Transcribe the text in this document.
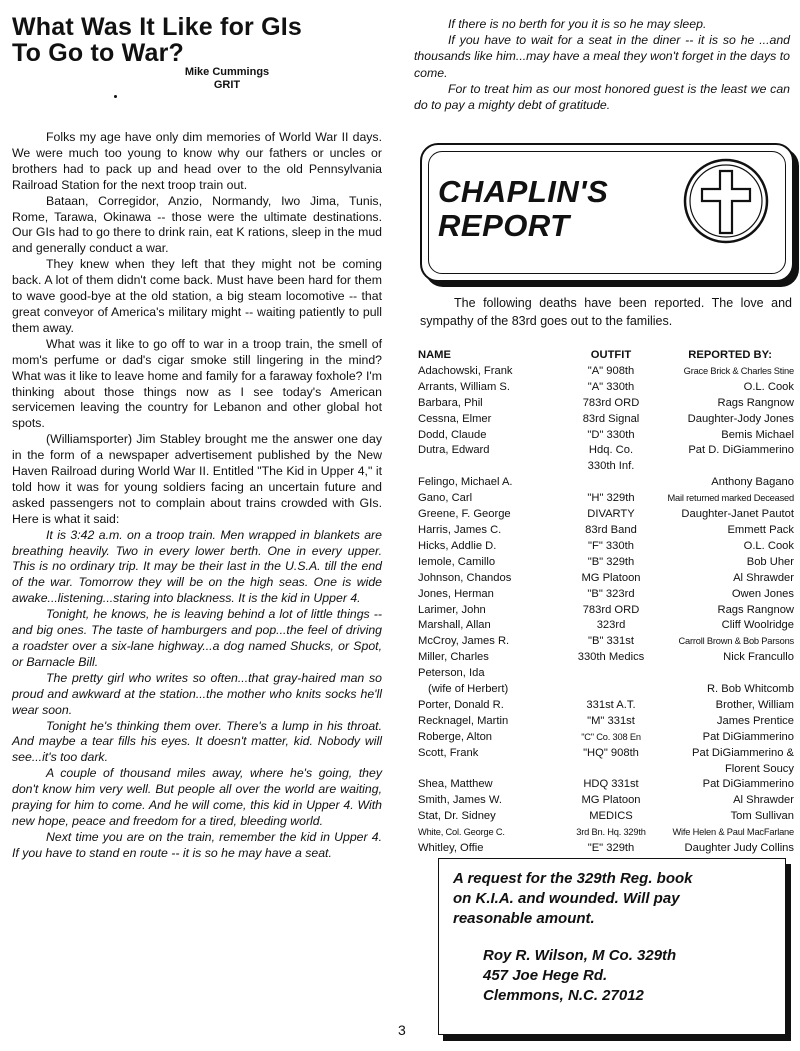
What Was It Like for GIs
To Go to War?
Mike Cummings
GRIT

Folks my age have only dim memories of World War II days. We were much too young to know why our fathers or uncles or brothers had to pack up and head over to the old Pennsylvania Railroad Station for the next troop train out.

Bataan, Corregidor, Anzio, Normandy, Iwo Jima, Tunis, Rome, Tarawa, Okinawa -- those were the ultimate destinations. Our GIs had to go there to drink rain, eat K rations, sleep in the mud and generally conduct a war.

They knew when they left that they might not be coming back. A lot of them didn't come back. Must have been hard for them to wave good-bye at the old station, a big steam locomotive -- that great conveyor of America's military might -- waiting patiently to pull them away.

What was it like to go off to war in a troop train, the smell of mom's perfume or dad's cigar smoke still lingering in the mind? What was it like to leave home and family for a faraway foxhole? I'm thinking about those things now as I see today's American servicemen leaving the country for Lebanon and other global hot spots.

(Williamsporter) Jim Stabley brought me the answer one day in the form of a newspaper advertisement published by the New Haven Railroad during World War II. Entitled "The Kid in Upper 4," it told how it was for young soldiers facing an uncertain future and asked passengers not to complain about trains crowded with GIs. Here is what it said:

It is 3:42 a.m. on a troop train. Men wrapped in blankets are breathing heavily. Two in every lower berth. One in every upper. This is no ordinary trip. It may be their last in the U.S.A. till the end of the war. Tomorrow they will be on the high seas. One is wide awake...listening...staring into blackness. It is the kid in Upper 4.

Tonight, he knows, he is leaving behind a lot of little things -- and big ones. The taste of hamburgers and pop...the feel of driving a roadster over a six-lane highway...a dog named Shucks, or Spot, or Barnacle Bill.

The pretty girl who writes so often...that gray-haired man so proud and awkward at the station...the mother who knits socks he'll wear soon.

Tonight he's thinking them over. There's a lump in his throat. And maybe a tear fills his eyes. It doesn't matter, kid. Nobody will see...it's too dark.

A couple of thousand miles away, where he's going, they don't know him very well. But people all over the world are waiting, praying for him to come. And he will come, this kid in Upper 4. With new hope, peace and freedom for a tired, bleeding world.

Next time you are on the train, remember the kid in Upper 4. If you have to stand en route -- it is so he may have a seat.

If there is no berth for you it is so he may sleep.

If you have to wait for a seat in the diner -- it is so he ...and thousands like him...may have a meal they won't forget in the days to come.

For to treat him as our most honored guest is the least we can do to pay a mighty debt of gratitude.

CHAPLIN'S
REPORT
The following deaths have been reported. The love and sympathy of the 83rd goes out to the families.
NAME	OUTFIT	REPORTED BY:
Adachowski, Frank	"A" 908th	Grace Brick & Charles Stine
Arrants, William S.	"A" 330th	O.L. Cook
Barbara, Phil	783rd ORD	Rags Rangnow
Cessna, Elmer	83rd Signal	Daughter-Jody Jones
Dodd, Claude	"D" 330th	Bemis Michael
Dutra, Edward	Hdq. Co.	Pat D. DiGiammerino
	330th Inf.	
Felingo, Michael A.		Anthony Bagano
Gano, Carl	"H" 329th	Mail returned marked Deceased
Greene, F. George	DIVARTY	Daughter-Janet Pautot
Harris, James C.	83rd Band	Emmett Pack
Hicks, Addlie D.	"F" 330th	O.L. Cook
Iemole, Camillo	"B" 329th	Bob Uher
Johnson, Chandos	MG Platoon	Al Shrawder
Jones, Herman	"B" 323rd	Owen Jones
Larimer, John	783rd ORD	Rags Rangnow
Marshall, Allan	323rd	Cliff Woolridge
McCroy, James R.	"B" 331st	Carroll Brown & Bob Parsons
Miller, Charles	330th Medics	Nick Francullo
Peterson, Ida		
(wife of Herbert)		R. Bob Whitcomb
Porter, Donald R.	331st A.T.	Brother, William
Recknagel, Martin	"M" 331st	James Prentice
Roberge, Alton	"C" Co. 308 En	Pat DiGiammerino
Scott, Frank	"HQ" 908th	Pat DiGiammerino &
		Florent Soucy
Shea, Matthew	HDQ 331st	Pat DiGiammerino
Smith, James W.	MG Platoon	Al Shrawder
Stat, Dr. Sidney	MEDICS	Tom Sullivan
White, Col. George C.	3rd Bn. Hq. 329th	Wife Helen & Paul MacFarlane
Whitley, Offie	"E" 329th	Daughter Judy Collins
A request for the 329th Reg. book
on K.I.A. and wounded. Will pay
reasonable amount.
Roy R. Wilson, M Co. 329th
457 Joe Hege Rd.
Clemmons, N.C. 27012
3
